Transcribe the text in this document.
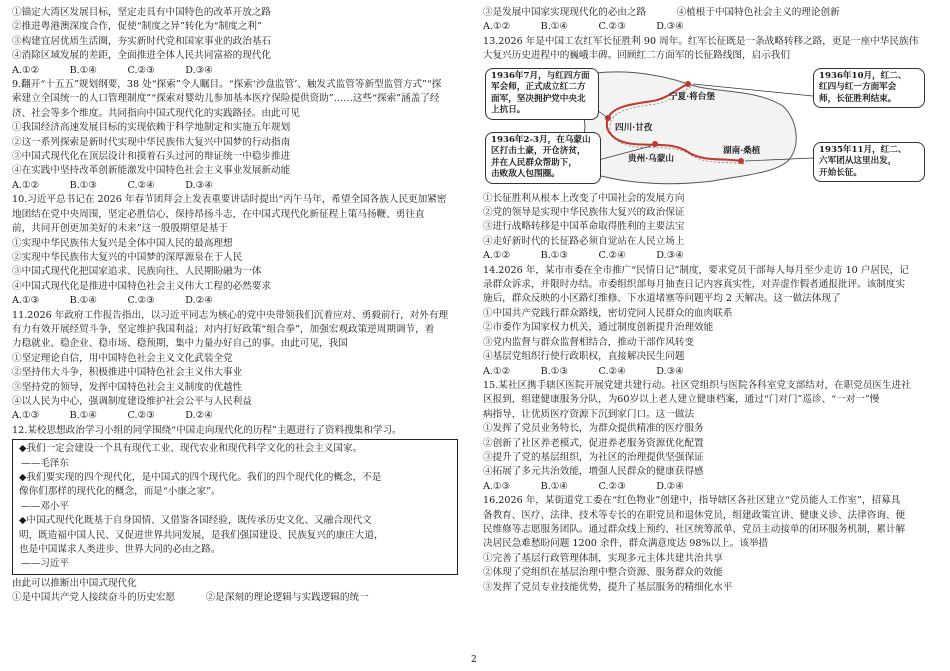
①锚定大湾区发展目标，坚定走具有中国特色的改革开放之路
②推进粤港澳深度合作，促使“制度之异”转化为“制度之利”
③构建宜居优质生活圈，夯实新时代党和国家事业的政治基石
④消除区域发展的差距，全面推进全体人民共同富裕的现代化
A.①②          B.①④          C.②③          D.③④
9.翻开“十五五”规划纲要，38 处“探索”令人瞩目。“探索‘沙盘监管’、触发式监管等新型监管方式”“探
索建立全国统一的人口管理制度”“探索对婴幼儿参加基本医疗保险提供资助”……这些“探索”涵盖了经
济、社会等多个维度。共同指向中国式现代化的实践路径。由此可见
①我国经济高速发展目标的实现依赖于科学地制定和实施五年规划
②这一系列探索是新时代实现中华民族伟大复兴中国梦的行动指南
③中国式现代化在顶层设计和摸着石头过河的辩证统一中稳步推进
④在实践中坚持改革创新能激发中国特色社会主义事业发展新动能
A.①②          B.①③          C.②④          D.③④
10.习近平总书记在 2026 年春节团拜会上发表重要讲话时提出“丙午马年，希望全国各族人民更加紧密
地团结在党中央周围，坚定必胜信心，保持昂扬斗志，在中国式现代化新征程上策马扬鞭、勇往直
前，共同开创更加美好的未来”这一殷殷期望是基于
①实现中华民族伟大复兴是全体中国人民的最高理想
②实现中华民族伟大复兴的中国梦的深厚源泉在于人民
③中国式现代化把国家追求、民族向往、人民期盼融为一体
④中国式现代化是推进中国特色社会主义伟大工程的必然要求
A.①③          B.①④          C.②③          D.②④
11.2026 年政府工作报告指出，以习近平同志为核心的党中央带领我们沉着应对、勇毅前行，对外有理
有力有效开展经贸斗争，坚定维护我国利益；对内打好政策“组合拳”，加强宏观政策逆周期调节，着
力稳就业、稳企业、稳市场、稳预期，集中力量办好自己的事。由此可见，我国
①坚定理论自信，用中国特色社会主义文化武装全党
②坚持伟大斗争，积极推进中国特色社会主义伟大事业
③坚持党的领导，发挥中国特色社会主义制度的优越性
④以人民为中心，强调制度建设维护社会公平与人民利益
A.①③          B.①④          C.②③          D.②④
12.某校思想政治学习小组的同学围绕“中国走向现代化的历程”主题进行了资料搜集和学习。
◆我们一定会建设一个具有现代工业、现代农业和现代科学文化的社会主义国家。
——毛泽东
◆我们要实现的四个现代化，是中国式的四个现代化。我们的四个现代化的概念，不是
像你们那样的现代化的概念，而是“小康之家”。
——邓小平
◆中国式现代化既基于自身国情、又借鉴各国经验，既传承历史文化、又融合现代文
明，既造福中国人民、又促进世界共同发展，是我们强国建设、民族复兴的康庄大道，
也是中国谋求人类进步、世界大同的必由之路。
——习近平
由此可以推断出中国式现代化
①是中国共产党人接续奋斗的历史宏愿          ②是深刻的理论逻辑与实践逻辑的统一
③是发展中国家实现现代化的必由之路          ④植根于中国特色社会主义的理论创新
A.①②          B.①④          C.②③          D.③④
13.2026 年是中国工农红军长征胜利 90 周年。红军长征既是一条战略转移之路，更是一座中华民族伟
大复兴历史进程中的巍峨丰碑。回顾红二方面军的长征路线图，启示我们
1936年7月，与红四方面
军会师，正式成立红二方
面军，坚决拥护党中央北
上抗日。
1936年10月，红二、
红四与红一方面军会
师，长征胜利结束。
1936年2-3月，在乌蒙山
区打击土豪，开仓济贫，
并在人民群众帮助下，
击败敌人包围圈。
1935年11月，红二、
六军团从这里出发，
开始长征。
宁夏·将台堡
四川·甘孜
贵州·乌蒙山
湖南·桑植
①长征胜利从根本上改变了中国社会的发展方向
②党的领导是实现中华民族伟大复兴的政治保证
③进行战略转移是中国革命取得胜利的主要法宝
④走好新时代的长征路必须自觉站在人民立场上
A.①②          B.①③          C.②④          D.③④
14.2026 年，某市市委在全市推广“民情日记”制度，要求党员干部每人每月至少走访 10 户居民，记
录群众诉求，并限时办结。市委组织部每月抽查日记内容真实性，对弄虚作假者通报批评。该制度实
施后，群众反映的小区路灯维修、下水道堵塞等问题平均 2 天解决。这一做法体现了
①中国共产党践行群众路线，密切党同人民群众的血肉联系
②市委作为国家权力机关，通过制度创新提升治理效能
③党内监督与群众监督相结合，推动干部作风转变
④基层党组织行使行政职权，直接解决民生问题
A.①②          B.①③          C.②④          D.③④
15.某社区携手辖区医院开展党建共建行动。社区党组织与医院各科室党支部结对，在职党员医生进社
区报到，组建健康服务分队，为60岁以上老人建立健康档案，通过“门对门”巡诊、“一对一”慢
病指导，让优质医疗资源下沉到家门口。这一做法
①发挥了党员业务特长，为群众提供精准的医疗服务
②创新了社区养老模式，促进养老服务资源优化配置
③提升了党的基层组织，为社区的治理提供坚强保证
④拓展了多元共治效能，增强人民群众的健康获得感
A.①③          B.①④          C.②③          D.②④
16.2026 年，某街道党工委在“红色物业”创建中，指导辖区各社区建立“党员能人工作室”，招募具
备教育、医疗、法律、技术等专长的在职党员和退休党员，组建政策宣讲、健康义诊、法律咨询、便
民维修等志愿服务团队。通过群众线上预约、社区统筹派单、党员主动接单的闭环服务机制，累计解
决居民急难愁盼问题 1200 余件，群众满意度达 98%以上。该举措
①完善了基层行政管理体制，实现多元主体共建共治共享
②体现了党组织在基层治理中整合资源、服务群众的效能
③发挥了党员专业技能优势，提升了基层服务的精细化水平
2
